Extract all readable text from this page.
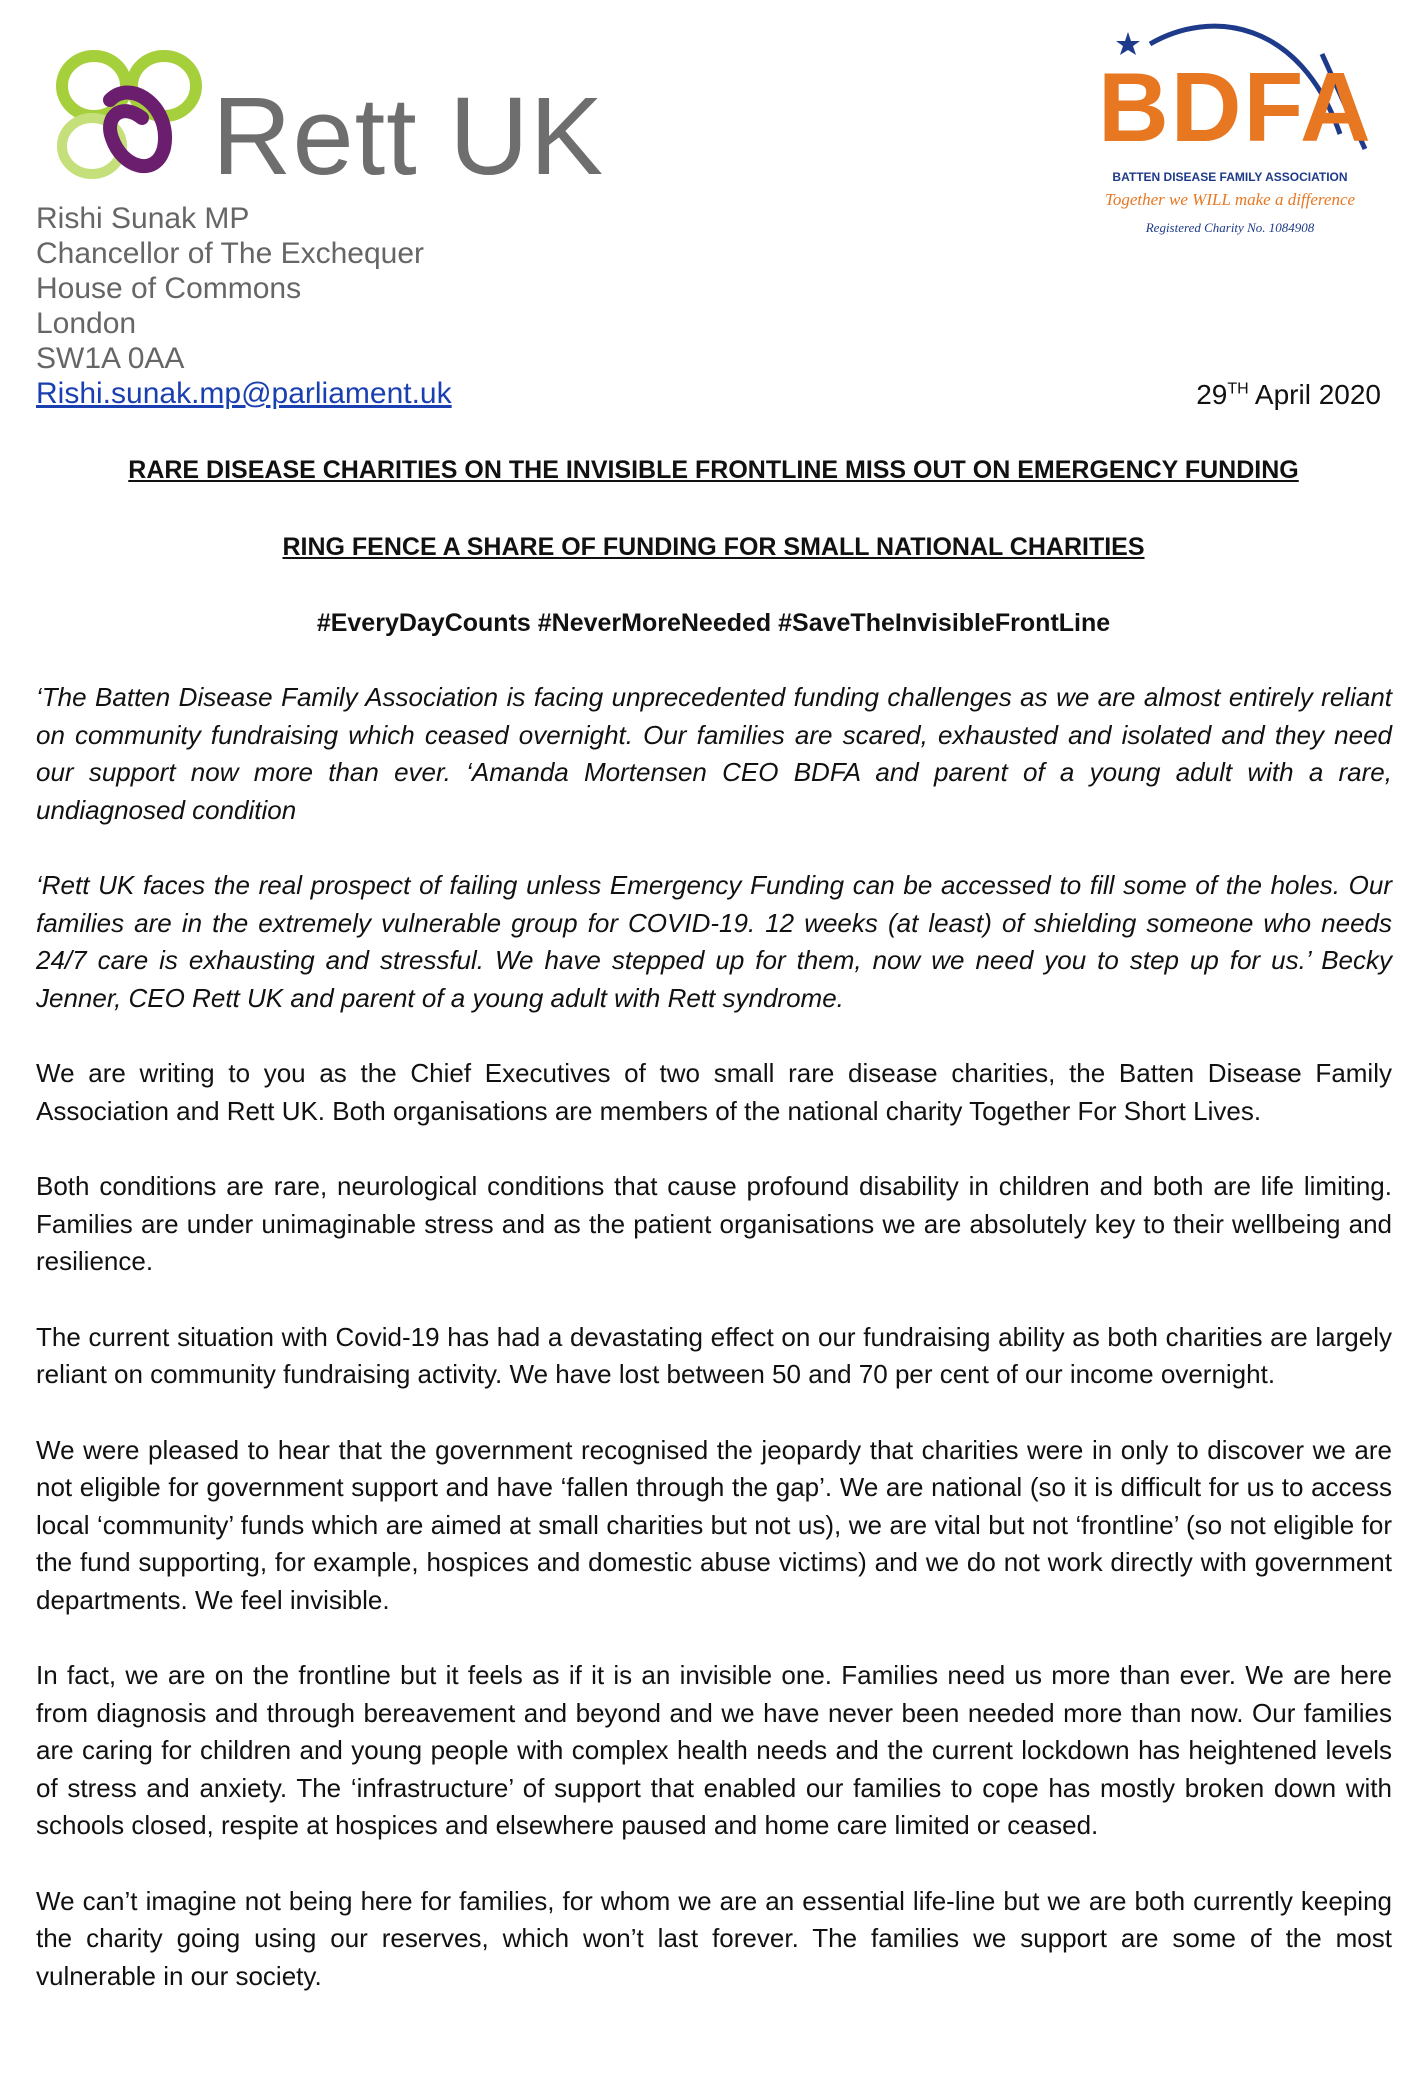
Rett UK	BDFA
BATTEN DISEASE FAMILY ASSOCIATION
Together we WILL make a difference
Registered Charity No. 1084908
Rishi Sunak MP
Chancellor of The Exchequer
House of Commons
London
SW1A 0AA
Rishi.sunak.mp@parliament.uk	29TH April 2020
RARE DISEASE CHARITIES ON THE INVISIBLE FRONTLINE MISS OUT ON EMERGENCY FUNDING
RING FENCE A SHARE OF FUNDING FOR SMALL NATIONAL CHARITIES
#EveryDayCounts #NeverMoreNeeded #SaveTheInvisibleFrontLine

‘The Batten Disease Family Association is facing unprecedented funding challenges as we are almost entirely reliant on community fundraising which ceased overnight. Our families are scared, exhausted and isolated and they need our support now more than ever. ‘Amanda Mortensen CEO BDFA and parent of a young adult with a rare, undiagnosed condition

‘Rett UK faces the real prospect of failing unless Emergency Funding can be accessed to fill some of the holes. Our families are in the extremely vulnerable group for COVID-19. 12 weeks (at least) of shielding someone who needs 24/7 care is exhausting and stressful. We have stepped up for them, now we need you to step up for us.’ Becky Jenner, CEO Rett UK and parent of a young adult with Rett syndrome.

We are writing to you as the Chief Executives of two small rare disease charities, the Batten Disease Family Association and Rett UK. Both organisations are members of the national charity Together For Short Lives.

Both conditions are rare, neurological conditions that cause profound disability in children and both are life limiting. Families are under unimaginable stress and as the patient organisations we are absolutely key to their wellbeing and resilience.

The current situation with Covid-19 has had a devastating effect on our fundraising ability as both charities are largely reliant on community fundraising activity. We have lost between 50 and 70 per cent of our income overnight.

We were pleased to hear that the government recognised the jeopardy that charities were in only to discover we are not eligible for government support and have ‘fallen through the gap’. We are national (so it is difficult for us to access local ‘community’ funds which are aimed at small charities but not us), we are vital but not ‘frontline’ (so not eligible for the fund supporting, for example, hospices and domestic abuse victims) and we do not work directly with government departments. We feel invisible.

In fact, we are on the frontline but it feels as if it is an invisible one. Families need us more than ever. We are here from diagnosis and through bereavement and beyond and we have never been needed more than now. Our families are caring for children and young people with complex health needs and the current lockdown has heightened levels of stress and anxiety. The ‘infrastructure’ of support that enabled our families to cope has mostly broken down with schools closed, respite at hospices and elsewhere paused and home care limited or ceased.

We can’t imagine not being here for families, for whom we are an essential life-line but we are both currently keeping the charity going using our reserves, which won’t last forever. The families we support are some of the most vulnerable in our society.
